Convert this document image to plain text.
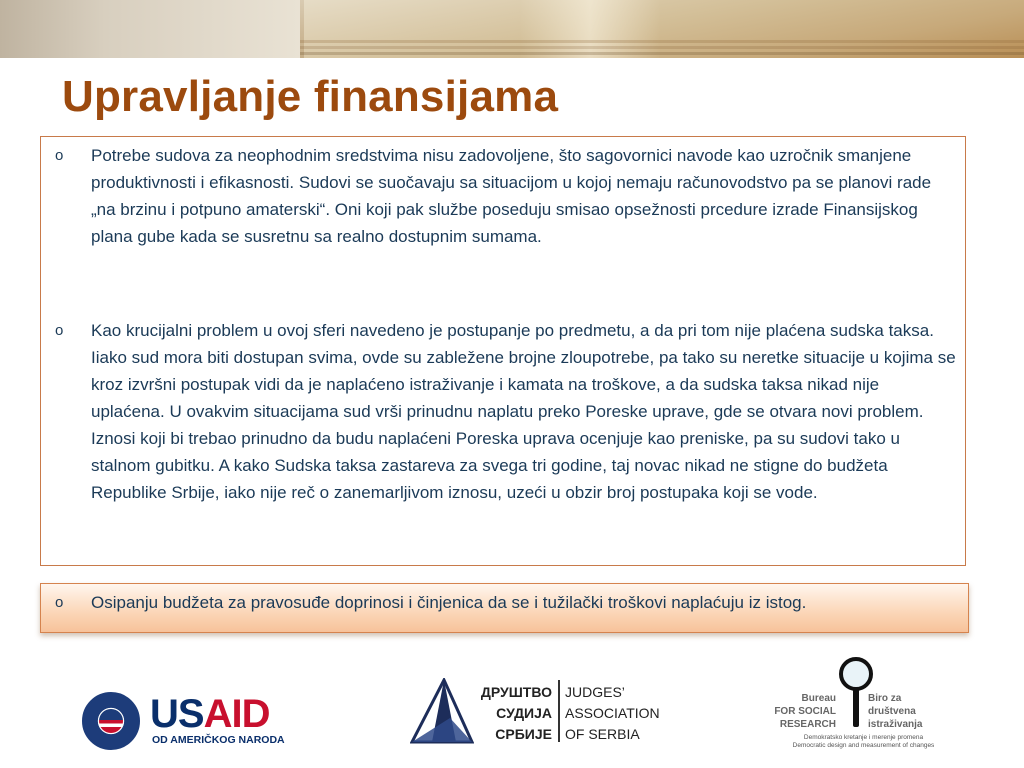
Upravljanje finansijama
o Potrebe sudova za neophodnim sredstvima nisu zadovoljene, što sagovornici navode kao uzročnik smanjene produktivnosti i efikasnosti. Sudovi se suočavaju sa situacijom u kojoj nemaju računovodstvo pa se planovi rade „na brzinu i potpuno amaterski“. Oni koji pak službe poseduju smisao opsežnosti prcedure izrade Finansijskog plana gube kada se susretnu sa realno dostupnim sumama.
o Kao krucijalni problem u ovoj sferi navedeno je postupanje po predmetu, a da pri tom nije plaćena sudska taksa. Iiako sud mora biti dostupan svima, ovde su zabležene brojne zloupotrebe, pa tako su neretke situacije u kojima se kroz izvršni postupak vidi da je naplaćeno istraživanje i kamata na troškove, a da sudska taksa nikad nije uplaćena. U ovakvim situacijama sud vrši prinudnu naplatu preko Poreske uprave, gde se otvara novi problem. Iznosi koji bi trebao prinudno da budu naplaćeni Poreska uprava ocenjuje kao preniske, pa su sudovi tako u stalnom gubitku. A kako Sudska taksa zastareva za svega tri godine, taj novac nikad ne stigne do budžeta Republike Srbije, iako nije reč o zanemarljivom iznosu, uzeći u obzir broj postupaka koji se vode.
o Osipanju budžeta za pravosuđe doprinosi i činjenica da se i tužilački troškovi naplaćuju iz istog.
USAID
OD AMERIČKOG NARODA
ДРУШТВО
СУДИЈА
СРБИЈЕ
JUDGES’
ASSOCIATION
OF SERBIA
Bureau
FOR SOCIAL
RESEARCH
Biro za
društvena
istraživanja
Demokratsko kretanje i merenje promena
Democratic design and measurement of changes
